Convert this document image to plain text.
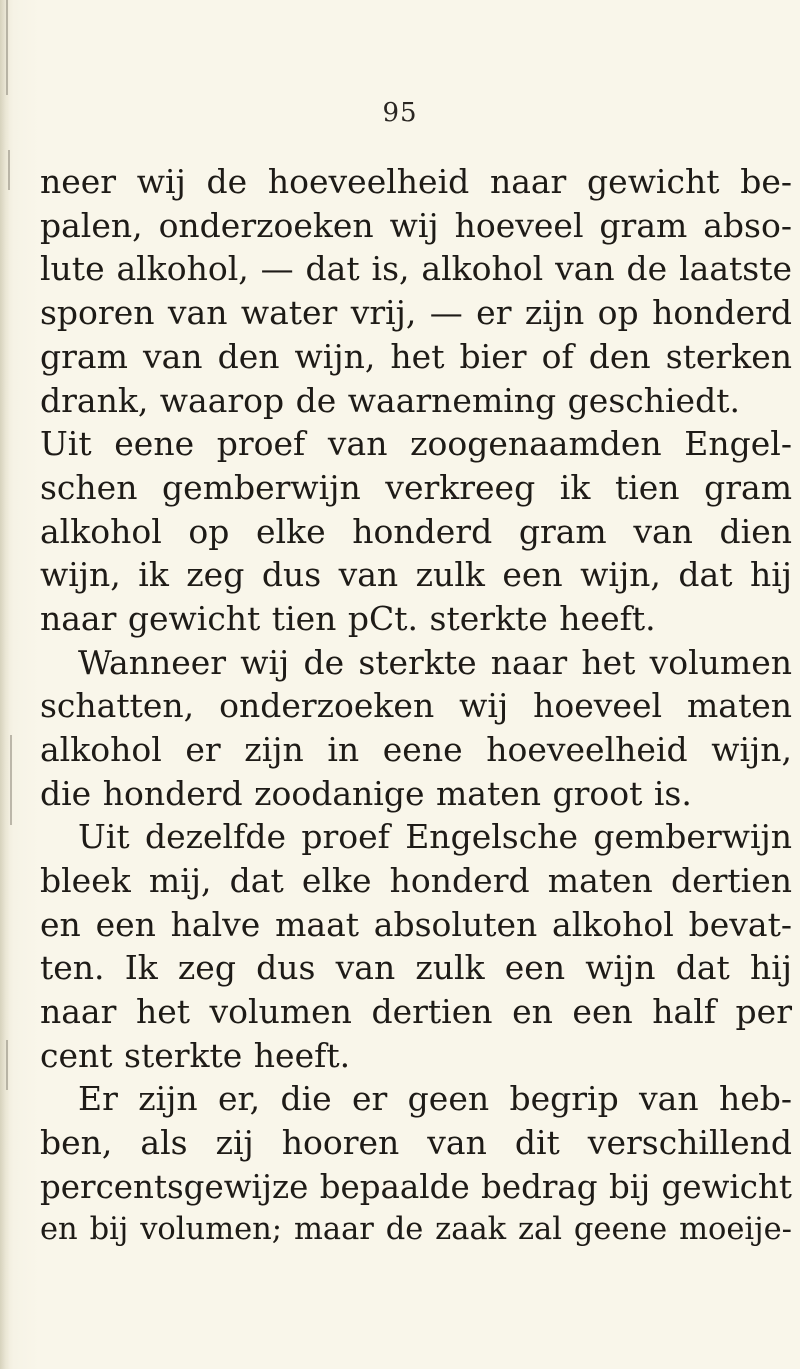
95
neer wij de hoeveelheid naar gewicht be-
palen, onderzoeken wij hoeveel gram abso-
lute alkohol, — dat is, alkohol van de laatste
sporen van water vrij, — er zijn op honderd
gram van den wijn, het bier of den sterken
drank, waarop de waarneming geschiedt.
Uit eene proef van zoogenaamden Engel-
schen gemberwijn verkreeg ik tien gram
alkohol op elke honderd gram van dien
wijn, ik zeg dus van zulk een wijn, dat hij
naar gewicht tien pCt. sterkte heeft.
Wanneer wij de sterkte naar het volumen
schatten, onderzoeken wij hoeveel maten
alkohol er zijn in eene hoeveelheid wijn,
die honderd zoodanige maten groot is.
Uit dezelfde proef Engelsche gemberwijn
bleek mij, dat elke honderd maten dertien
en een halve maat absoluten alkohol bevat-
ten. Ik zeg dus van zulk een wijn dat hij
naar het volumen dertien en een half per
cent sterkte heeft.
Er zijn er, die er geen begrip van heb-
ben, als zij hooren van dit verschillend
percentsgewijze bepaalde bedrag bij gewicht
en bij volumen; maar de zaak zal geene moeije-
